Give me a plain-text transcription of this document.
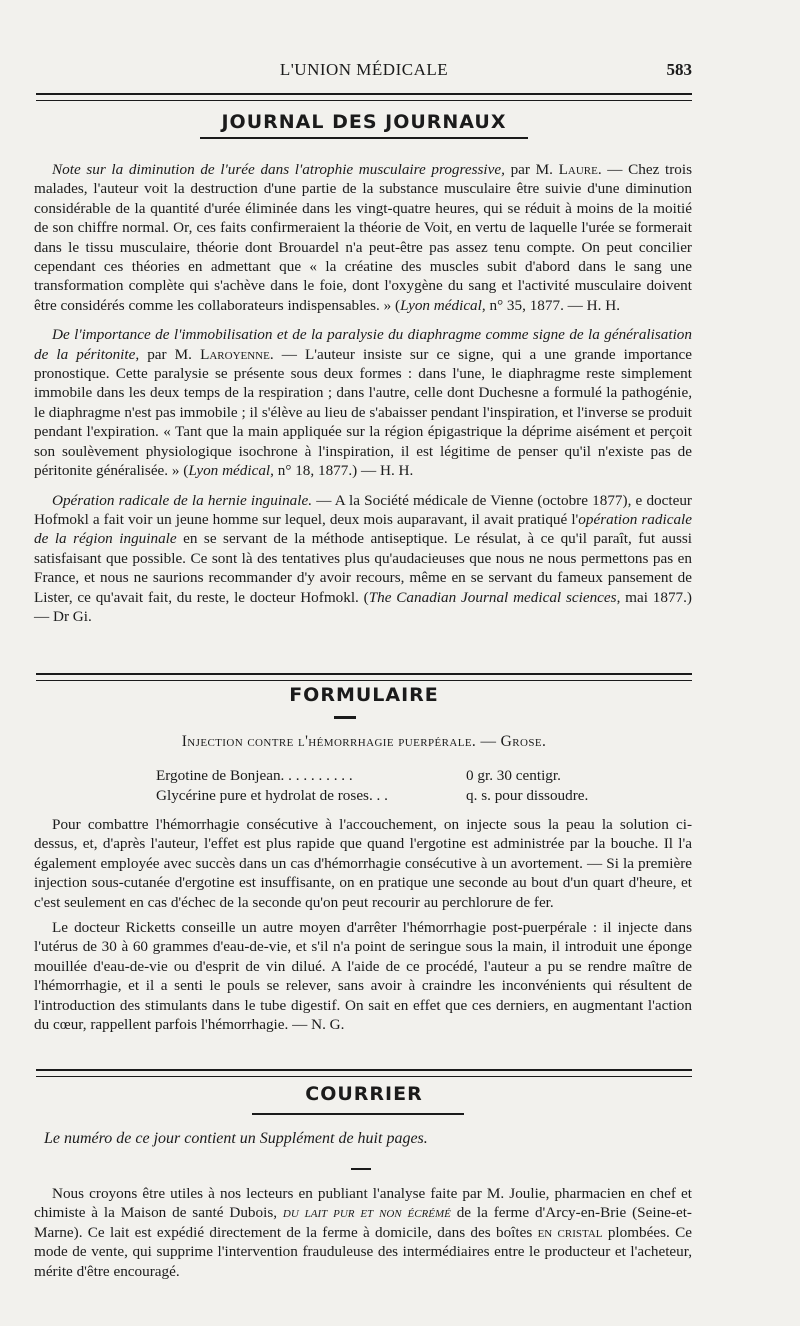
L'UNION MÉDICALE	583
JOURNAL DES JOURNAUX

Note sur la diminution de l'urée dans l'atrophie musculaire progressive, par M. Laure. — Chez trois malades, l'auteur voit la destruction d'une partie de la substance musculaire être suivie d'une diminution considérable de la quantité d'urée éliminée dans les vingt-quatre heures, qui se réduit à moins de la moitié de son chiffre normal. Or, ces faits confirmeraient la théorie de Voit, en vertu de laquelle l'urée se formerait dans le tissu musculaire, théorie dont Brouardel n'a peut-être pas assez tenu compte. On peut concilier cependant ces théories en admettant que « la créatine des muscles subit d'abord dans le sang une transformation complète qui s'achève dans le foie, dont l'oxygène du sang et l'activité musculaire doivent être considérés comme les collaborateurs indispensables. » (Lyon médical, n° 35, 1877. — H. H.

De l'importance de l'immobilisation et de la paralysie du diaphragme comme signe de la généralisation de la péritonite, par M. Laroyenne. — L'auteur insiste sur ce signe, qui a une grande importance pronostique. Cette paralysie se présente sous deux formes : dans l'une, le diaphragme reste simplement immobile dans les deux temps de la respiration ; dans l'autre, celle dont Duchesne a formulé la pathogénie, le diaphragme n'est pas immobile ; il s'élève au lieu de s'abaisser pendant l'inspiration, et l'inverse se produit pendant l'expiration. « Tant que la main appliquée sur la région épigastrique la déprime aisément et perçoit son soulèvement physiologique isochrone à l'inspiration, il est légitime de penser qu'il n'existe pas de péritonite généralisée. » (Lyon médical, n° 18, 1877.) — H. H.

Opération radicale de la hernie inguinale. — A la Société médicale de Vienne (octobre 1877), e docteur Hofmokl a fait voir un jeune homme sur lequel, deux mois auparavant, il avait pratiqué l'opération radicale de la région inguinale en se servant de la méthode antiseptique. Le résulat, à ce qu'il paraît, fut aussi satisfaisant que possible. Ce sont là des tentatives plus qu'audacieuses que nous ne nous permettons pas en France, et nous ne saurions recommander d'y avoir recours, même en se servant du fameux pansement de Lister, ce qu'avait fait, du reste, le docteur Hofmokl. (The Canadian Journal medical sciences, mai 1877.) — Dr Gi.

FORMULAIRE
Injection contre l'hémorrhagie puerpérale. — Grose.
Ergotine de Bonjean. . . . . . . . . .	0 gr. 30 centigr.
Glycérine pure et hydrolat de roses. . .	q. s. pour dissoudre.

Pour combattre l'hémorrhagie consécutive à l'accouchement, on injecte sous la peau la solution ci-dessus, et, d'après l'auteur, l'effet est plus rapide que quand l'ergotine est administrée par la bouche. Il l'a également employée avec succès dans un cas d'hémorrhagie consécutive à un avortement. — Si la première injection sous-cutanée d'ergotine est insuffisante, on en pratique une seconde au bout d'un quart d'heure, et c'est seulement en cas d'échec de la seconde qu'on peut recourir au perchlorure de fer.

Le docteur Ricketts conseille un autre moyen d'arrêter l'hémorrhagie post-puerpérale : il injecte dans l'utérus de 30 à 60 grammes d'eau-de-vie, et s'il n'a point de seringue sous la main, il introduit une éponge mouillée d'eau-de-vie ou d'esprit de vin dilué. A l'aide de ce procédé, l'auteur a pu se rendre maître de l'hémorrhagie, et il a senti le pouls se relever, sans avoir à craindre les inconvénients qui résultent de l'introduction des stimulants dans le tube digestif. On sait en effet que ces derniers, en augmentant l'action du cœur, rappellent parfois l'hémorrhagie. — N. G.

COURRIER
Le numéro de ce jour contient un Supplément de huit pages.

Nous croyons être utiles à nos lecteurs en publiant l'analyse faite par M. Joulie, pharmacien en chef et chimiste à la Maison de santé Dubois, du lait pur et non écrémé de la ferme d'Arcy-en-Brie (Seine-et-Marne). Ce lait est expédié directement de la ferme à domicile, dans des boîtes en cristal plombées. Ce mode de vente, qui supprime l'intervention frauduleuse des intermédiaires entre le producteur et l'acheteur, mérite d'être encouragé.
